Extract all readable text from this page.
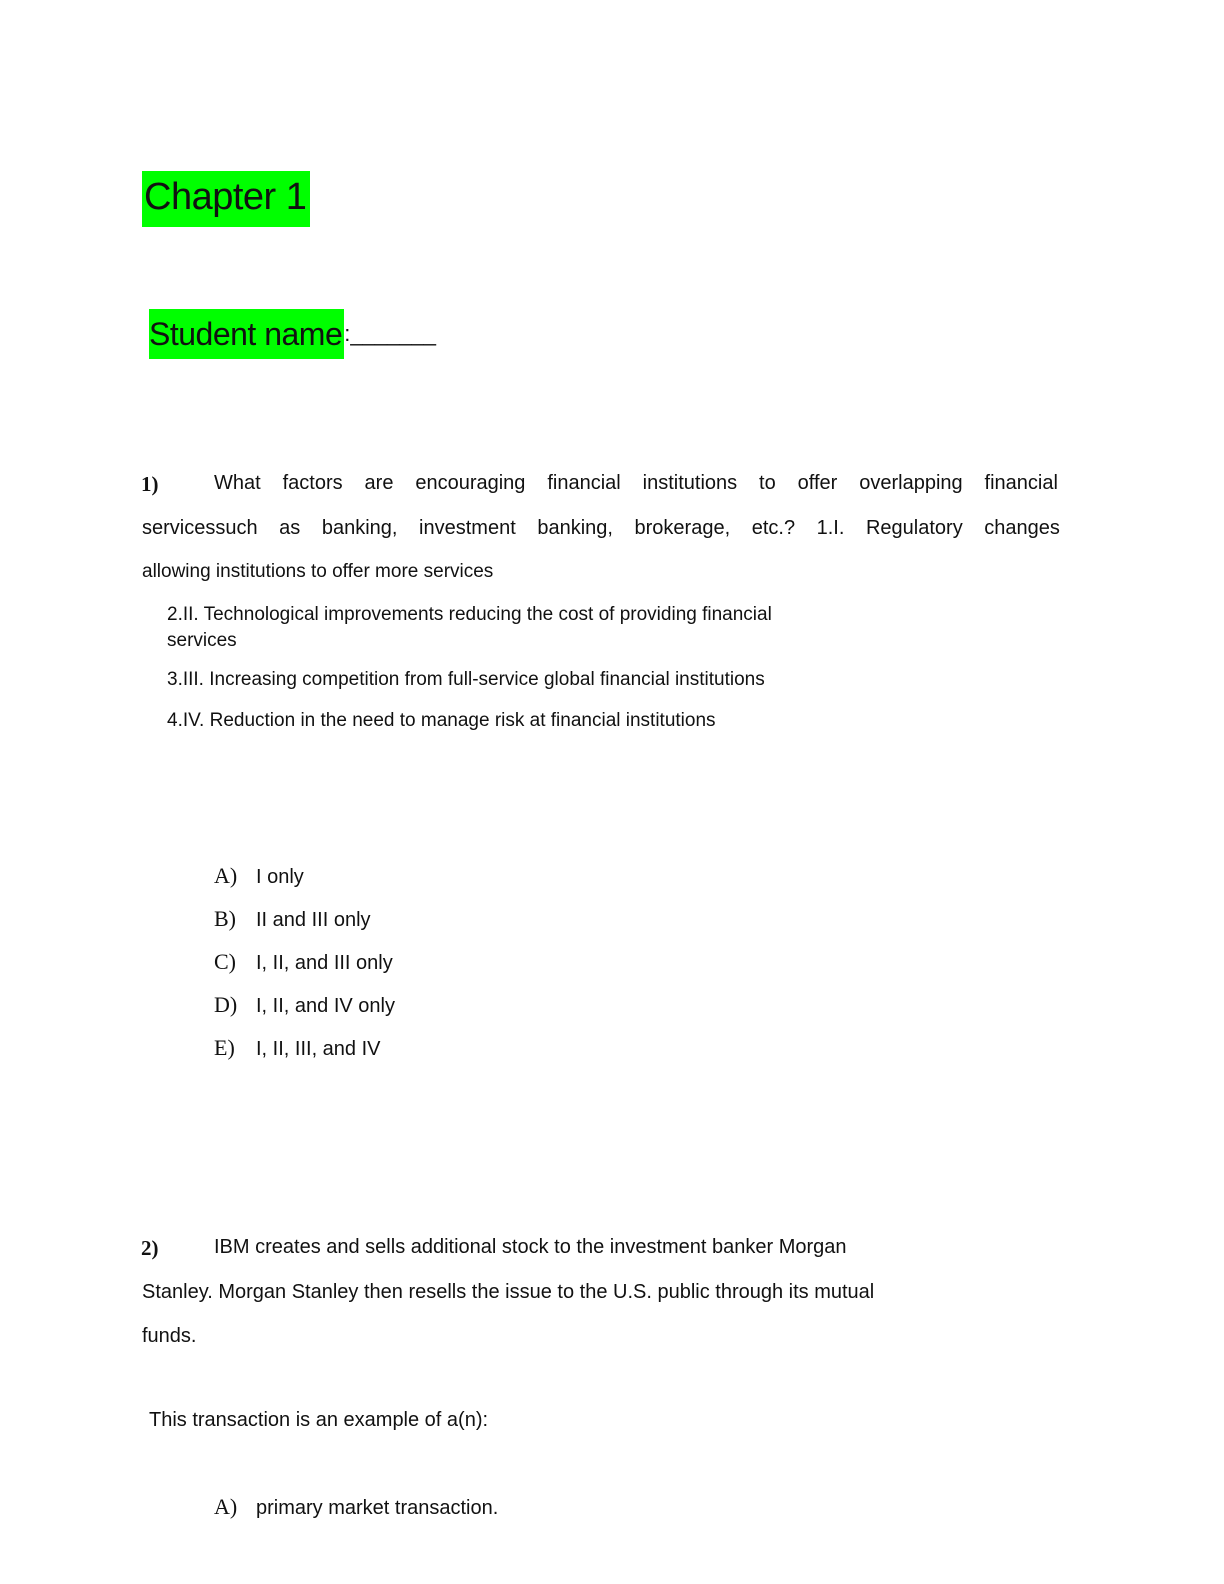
Chapter 1
Student name:_______
1)	What factors are encouraging financial institutions to offer overlapping financial
servicessuch as banking, investment banking, brokerage, etc.? 1.I. Regulatory changes
allowing institutions to offer more services
2.II. Technological improvements reducing the cost of providing financial
services
3.III. Increasing competition from full-service global financial institutions
4.IV. Reduction in the need to manage risk at financial institutions
A) I only
B) II and III only
C) I, II, and III only
D) I, II, and IV only
E) I, II, III, and IV
2)	IBM creates and sells additional stock to the investment banker Morgan
Stanley. Morgan Stanley then resells the issue to the U.S. public through its mutual
funds.
This transaction is an example of a(n):
A) primary market transaction.
